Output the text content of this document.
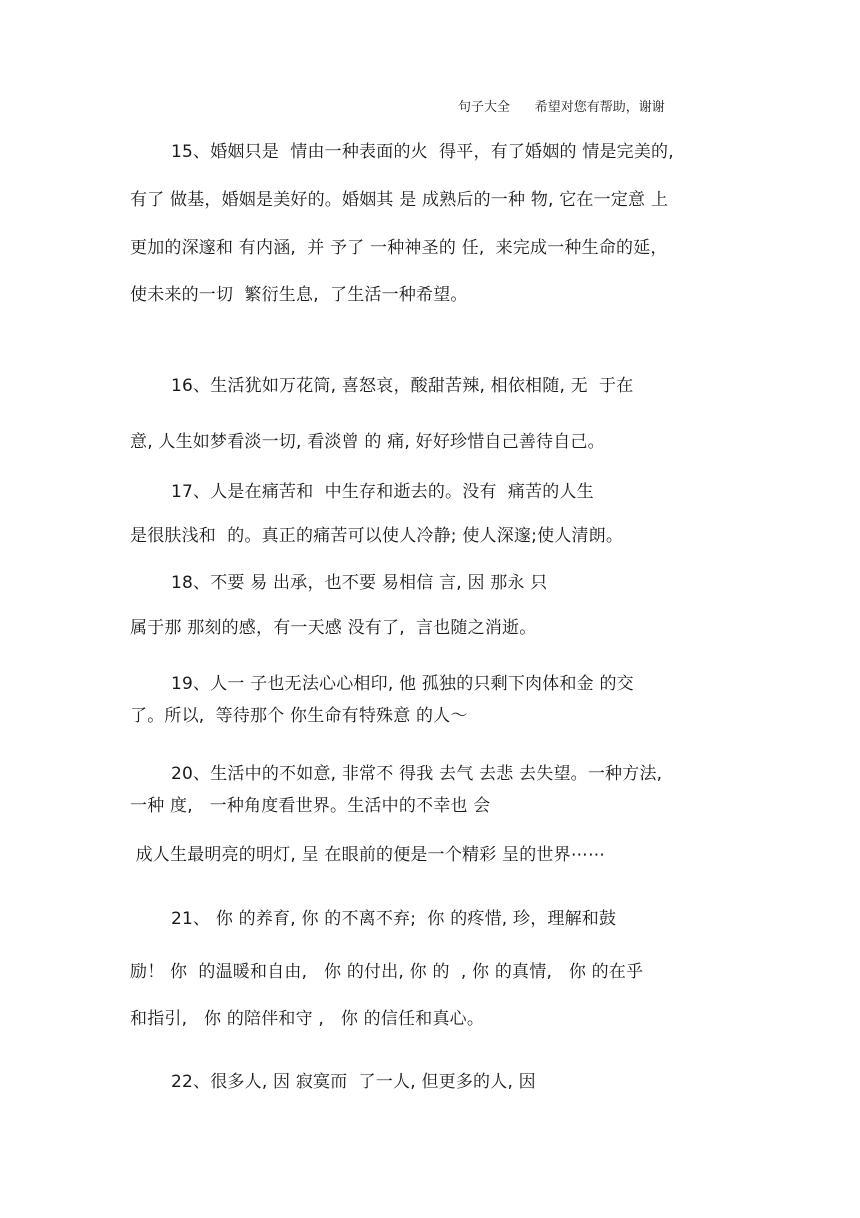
句子大全      希望对您有帮助，谢谢
15、婚姻只是  情由一种表面的火  得平，有了婚姻的 情是完美的,
有了 做基，婚姻是美好的。婚姻其 是 成熟后的一种 物, 它在一定意 上
更加的深邃和 有内涵,  并 予了 一种神圣的 任,  来完成一种生命的延，
使未来的一切  繁衍生息,  了生活一种希望。
16、生活犹如万花筒, 喜怒哀，酸甜苦辣, 相依相随, 无  于在
意, 人生如梦看淡一切, 看淡曾 的 痛, 好好珍惜自己善待自己。
17、人是在痛苦和  中生存和逝去的。没有  痛苦的人生
是很肤浅和  的。真正的痛苦可以使人冷静; 使人深邃;使人清朗。
18、不要 易 出承，也不要 易相信 言, 因 那永 只
属于那 那刻的感，有一天感 没有了,  言也随之消逝。
19、人一 子也无法心心相印, 他 孤独的只剩下肉体和金 的交
了。所以,  等待那个 你生命有特殊意 的人～
20、生活中的不如意, 非常不 得我 去气 去悲 去失望。一种方法,
一种 度,   一种角度看世界。生活中的不幸也 会
成人生最明亮的明灯, 呈 在眼前的便是一个精彩 呈的世界⋯⋯
21、 你 的养育, 你 的不离不弃;  你 的疼惜, 珍，理解和鼓
励！ 你  的温暖和自由,   你 的付出, 你 的  , 你 的真情,   你 的在乎
和指引,   你 的陪伴和守 ,   你 的信任和真心。
22、很多人, 因 寂寞而  了一人, 但更多的人, 因
